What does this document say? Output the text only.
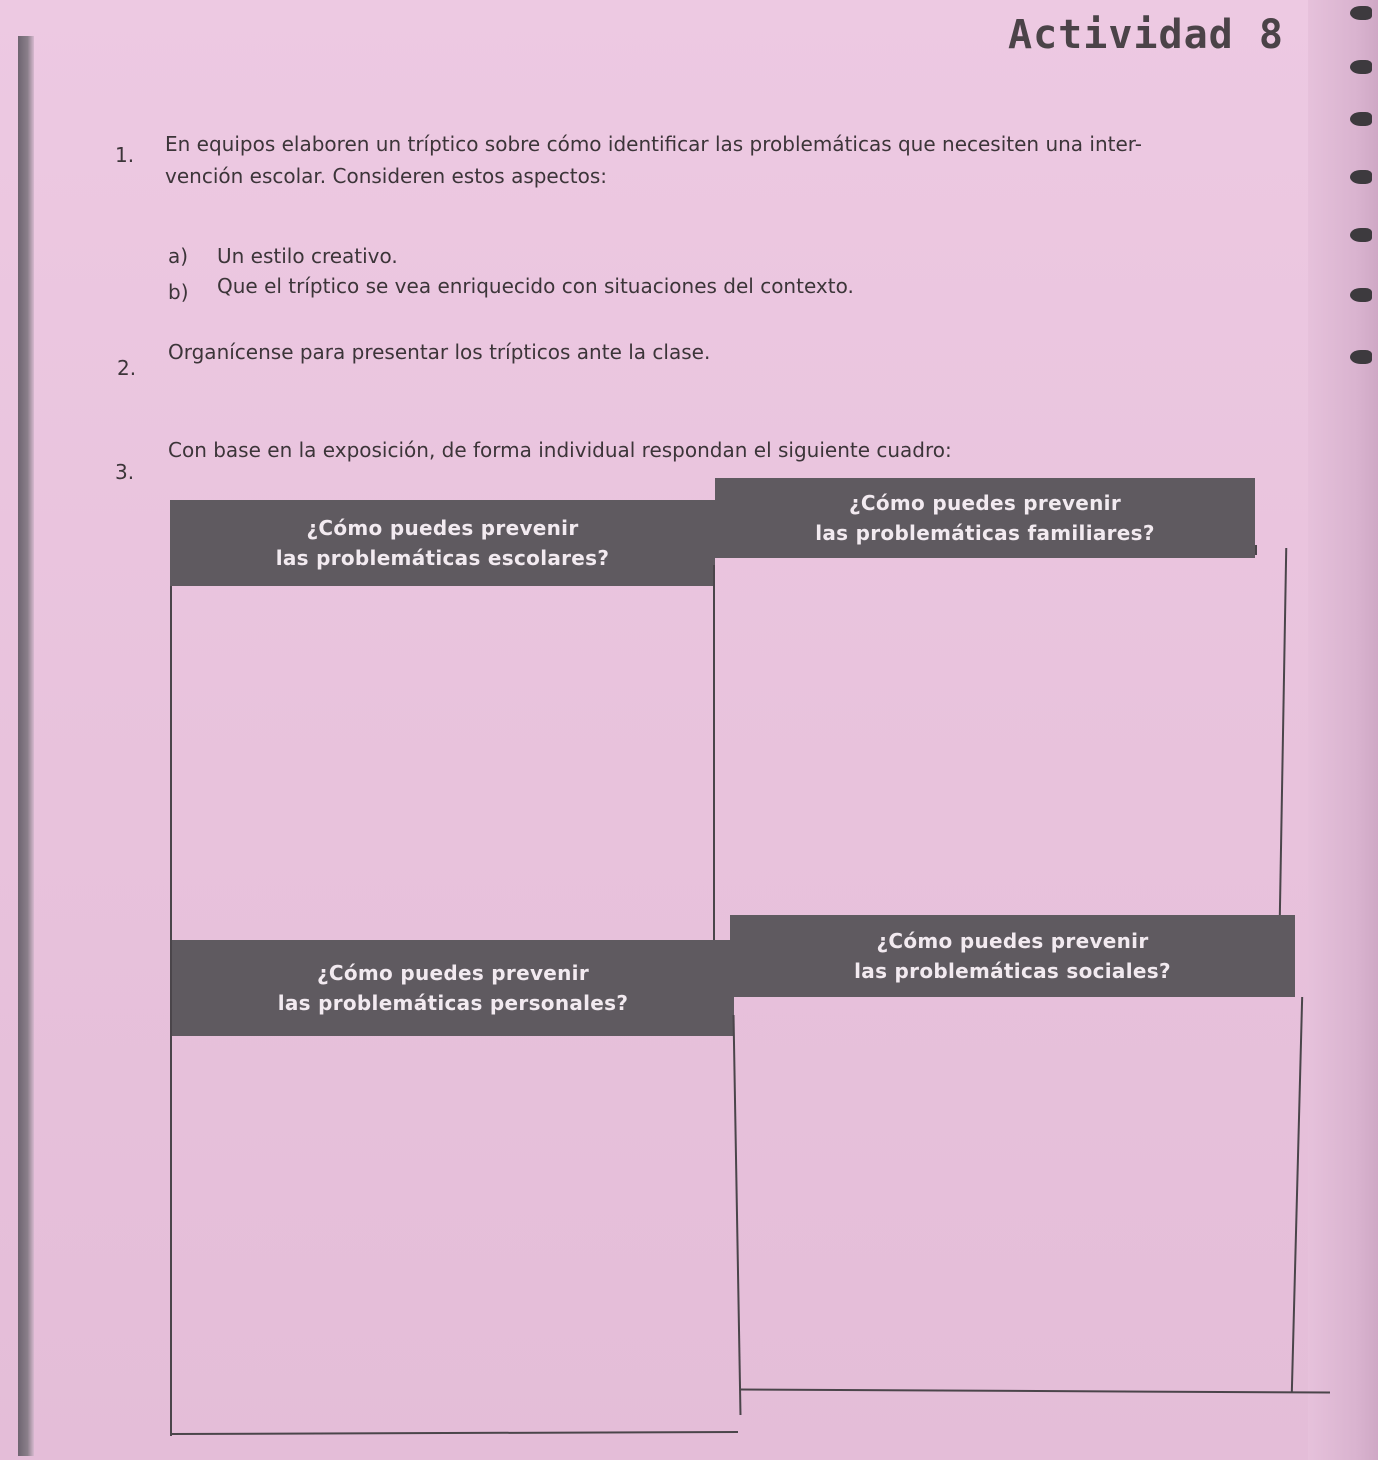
Actividad 8
1. En equipos elaboren un tríptico sobre cómo identificar las problemáticas que necesiten una inter-
vención escolar. Consideren estos aspectos:
a) Un estilo creativo.
b) Que el tríptico se vea enriquecido con situaciones del contexto.
2.
Organícense para presentar los trípticos ante la clase.
3.
Con base en la exposición, de forma individual respondan el siguiente cuadro:
¿Cómo puedes prevenir
las problemáticas escolares?
¿Cómo puedes prevenir
las problemáticas familiares?
¿Cómo puedes prevenir
las problemáticas personales?
¿Cómo puedes prevenir
las problemáticas sociales?
